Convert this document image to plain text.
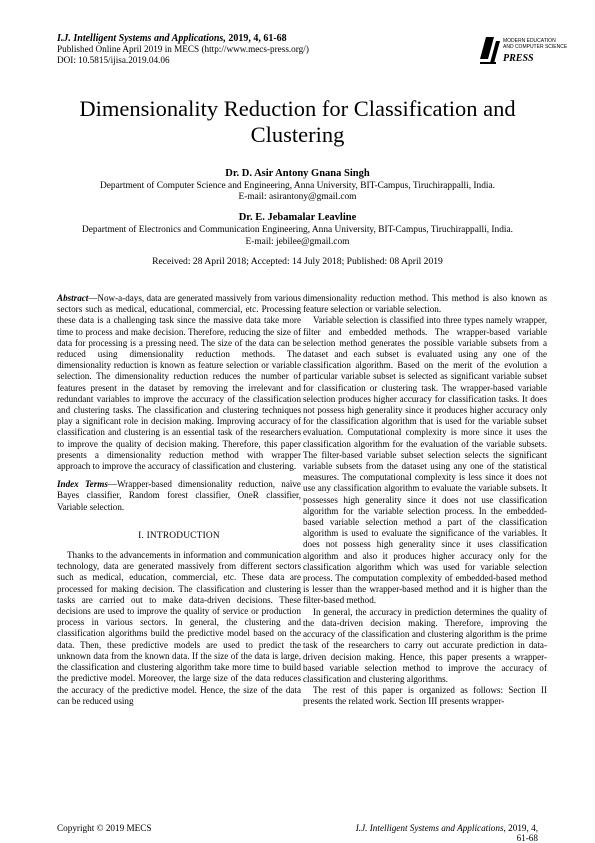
I.J. Intelligent Systems and Applications, 2019, 4, 61-68
Published Online April 2019 in MECS (http://www.mecs-press.org/)
DOI: 10.5815/ijisa.2019.04.06
MODERN EDUCATION
AND COMPUTER SCIENCE
PRESS
Dimensionality Reduction for Classification and Clustering
Dr. D. Asir Antony Gnana Singh
Department of Computer Science and Engineering, Anna University, BIT-Campus, Tiruchirappalli, India.
E-mail: asirantony@gmail.com
Dr. E. Jebamalar Leavline
Department of Electronics and Communication Engineering, Anna University, BIT-Campus, Tiruchirappalli, India.
E-mail: jebilee@gmail.com
Received: 28 April 2018; Accepted: 14 July 2018; Published: 08 April 2019

Abstract—Now-a-days, data are generated massively from various sectors such as medical, educational, commercial, etc. Processing these data is a challenging task since the massive data take more time to process and make decision. Therefore, reducing the size of data for processing is a pressing need. The size of the data can be reduced using dimensionality reduction methods. The dimensionality reduction is known as feature selection or variable selection. The dimensionality reduction reduces the number of features present in the dataset by removing the irrelevant and redundant variables to improve the accuracy of the classification and clustering tasks. The classification and clustering techniques play a significant role in decision making. Improving accuracy of classification and clustering is an essential task of the researchers to improve the quality of decision making. Therefore, this paper presents a dimensionality reduction method with wrapper approach to improve the accuracy of classification and clustering.

Index Terms—Wrapper-based dimensionality reduction, naïve Bayes classifier, Random forest classifier, OneR classifier, Variable selection.

I. INTRODUCTION

Thanks to the advancements in information and communication technology, data are generated massively from different sectors such as medical, education, commercial, etc. These data are processed for making decision. The classification and clustering tasks are carried out to make data-driven decisions. These decisions are used to improve the quality of service or production process in various sectors. In general, the clustering and classification algorithms build the predictive model based on the data. Then, these predictive models are used to predict the unknown data from the known data. If the size of the data is large, the classification and clustering algorithm take more time to build the predictive model. Moreover, the large size of the data reduces the accuracy of the predictive model. Hence, the size of the data can be reduced using

dimensionality reduction method. This method is also known as feature selection or variable selection.

Variable selection is classified into three types namely wrapper, filter and embedded methods. The wrapper-based variable selection method generates the possible variable subsets from a dataset and each subset is evaluated using any one of the classification algorithm. Based on the merit of the evolution a particular variable subset is selected as significant variable subset for classification or clustering task. The wrapper-based variable selection produces higher accuracy for classification tasks. It does not possess high generality since it produces higher accuracy only for the classification algorithm that is used for the variable subset evaluation. Computational complexity is more since it uses the classification algorithm for the evaluation of the variable subsets. The filter-based variable subset selection selects the significant variable subsets from the dataset using any one of the statistical measures. The computational complexity is less since it does not use any classification algorithm to evaluate the variable subsets. It possesses high generality since it does not use classification algorithm for the variable selection process. In the embedded-based variable selection method a part of the classification algorithm is used to evaluate the significance of the variables. It does not possess high generality since it uses classification algorithm and also it produces higher accuracy only for the classification algorithm which was used for variable selection process. The computation complexity of embedded-based method is lesser than the wrapper-based method and it is higher than the filter-based method.

In general, the accuracy in prediction determines the quality of the data-driven decision making. Therefore, improving the accuracy of the classification and clustering algorithm is the prime task of the researchers to carry out accurate prediction in data-driven decision making. Hence, this paper presents a wrapper-based variable selection method to improve the accuracy of classification and clustering algorithms.

The rest of this paper is organized as follows: Section II presents the related work. Section III presents wrapper-

Copyright © 2019 MECS	I.J. Intelligent Systems and Applications, 2019, 4, 61-68
